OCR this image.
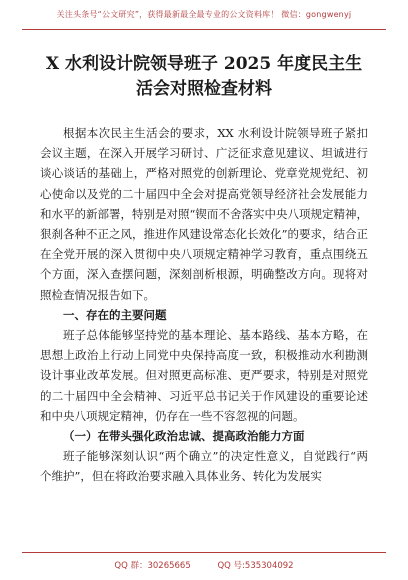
关注头条号“公文研究”，获得最新最全最专业的公文资料库！ 微信：gongwenyj
X 水利设计院领导班子 2025 年度民主生
活会对照检查材料

根据本次民主生活会的要求，XX 水利设计院领导班子紧扣会议主题，在深入开展学习研讨、广泛征求意见建议、坦诚进行谈心谈话的基础上，严格对照党的创新理论、党章党规党纪、初心使命以及党的二十届四中全会对提高党领导经济社会发展能力和水平的新部署，特别是对照“锲而不舍落实中央八项规定精神，狠刹各种不正之风，推进作风建设常态化长效化”的要求，结合正在全党开展的深入贯彻中央八项规定精神学习教育，重点围绕五个方面，深入查摆问题，深刻剖析根源，明确整改方向。现将对照检查情况报告如下。

一、存在的主要问题

班子总体能够坚持党的基本理论、基本路线、基本方略，在思想上政治上行动上同党中央保持高度一致，积极推动水利勘测设计事业改革发展。但对照更高标准、更严要求，特别是对照党的二十届四中全会精神、习近平总书记关于作风建设的重要论述和中央八项规定精神，仍存在一些不容忽视的问题。

（一）在带头强化政治忠诚、提高政治能力方面

班子能够深刻认识“两个确立”的决定性意义，自觉践行“两个维护”，但在将政治要求融入具体业务、转化为发展实

QQ 群：30265665	QQ 号:535304092
